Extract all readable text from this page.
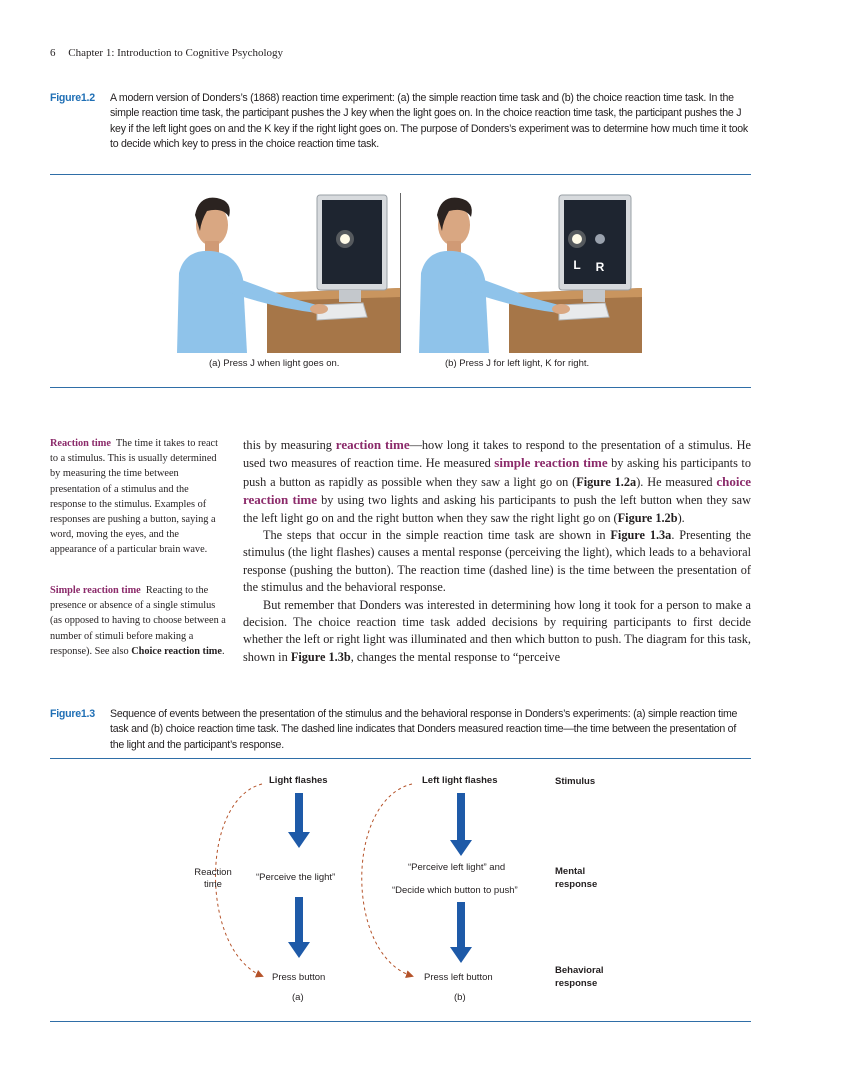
6 Chapter 1: Introduction to Cognitive Psychology
Figure1.2 A modern version of Donders’s (1868) reaction time experiment: (a) the simple reaction time task and (b) the choice reaction time task. In the simple reaction time task, the participant pushes the J key when the light goes on. In the choice reaction time task, the participant pushes the J key if the left light goes on and the K key if the right light goes on. The purpose of Donders’s experiment was to determine how much time it took to decide which key to press in the choice reaction time task.
L R
(a) Press J when light goes on.	(b) Press J for left light, K for right.
Reaction time The time it takes to react to a stimulus. This is usually determined by measuring the time between presentation of a stimulus and the response to the stimulus. Examples of responses are pushing a button, saying a word, moving the eyes, and the appearance of a particular brain wave.
Simple reaction time Reacting to the presence or absence of a single stimulus (as opposed to having to choose between a number of stimuli before making a response). See also Choice reaction time.

this by measuring reaction time—how long it takes to respond to the presentation of a stimulus. He used two measures of reaction time. He measured simple reaction time by asking his participants to push a button as rapidly as possible when they saw a light go on (Figure 1.2a). He measured choice reaction time by using two lights and asking his participants to push the left button when they saw the left light go on and the right button when they saw the right light go on (Figure 1.2b).

The steps that occur in the simple reaction time task are shown in Figure 1.3a. Presenting the stimulus (the light flashes) causes a mental response (perceiving the light), which leads to a behavioral response (pushing the button). The reaction time (dashed line) is the time between the presentation of the stimulus and the behavioral response.

But remember that Donders was interested in determining how long it took for a person to make a decision. The choice reaction time task added decisions by requiring participants to first decide whether the left or right light was illuminated and then which button to push. The diagram for this task, shown in Figure 1.3b, changes the mental response to “perceive

Figure1.3 Sequence of events between the presentation of the stimulus and the behavioral response in Donders’s experiments: (a) simple reaction time task and (b) choice reaction time task. The dashed line indicates that Donders measured reaction time—the time between the presentation of the light and the participant’s response.
Light flashes
“Perceive the light”
Press button
(a)
Reaction
time
Left light flashes
“Perceive left light” and
“Decide which button to push”
Press left button
(b)
Stimulus
Mental
response
Behavioral
response
